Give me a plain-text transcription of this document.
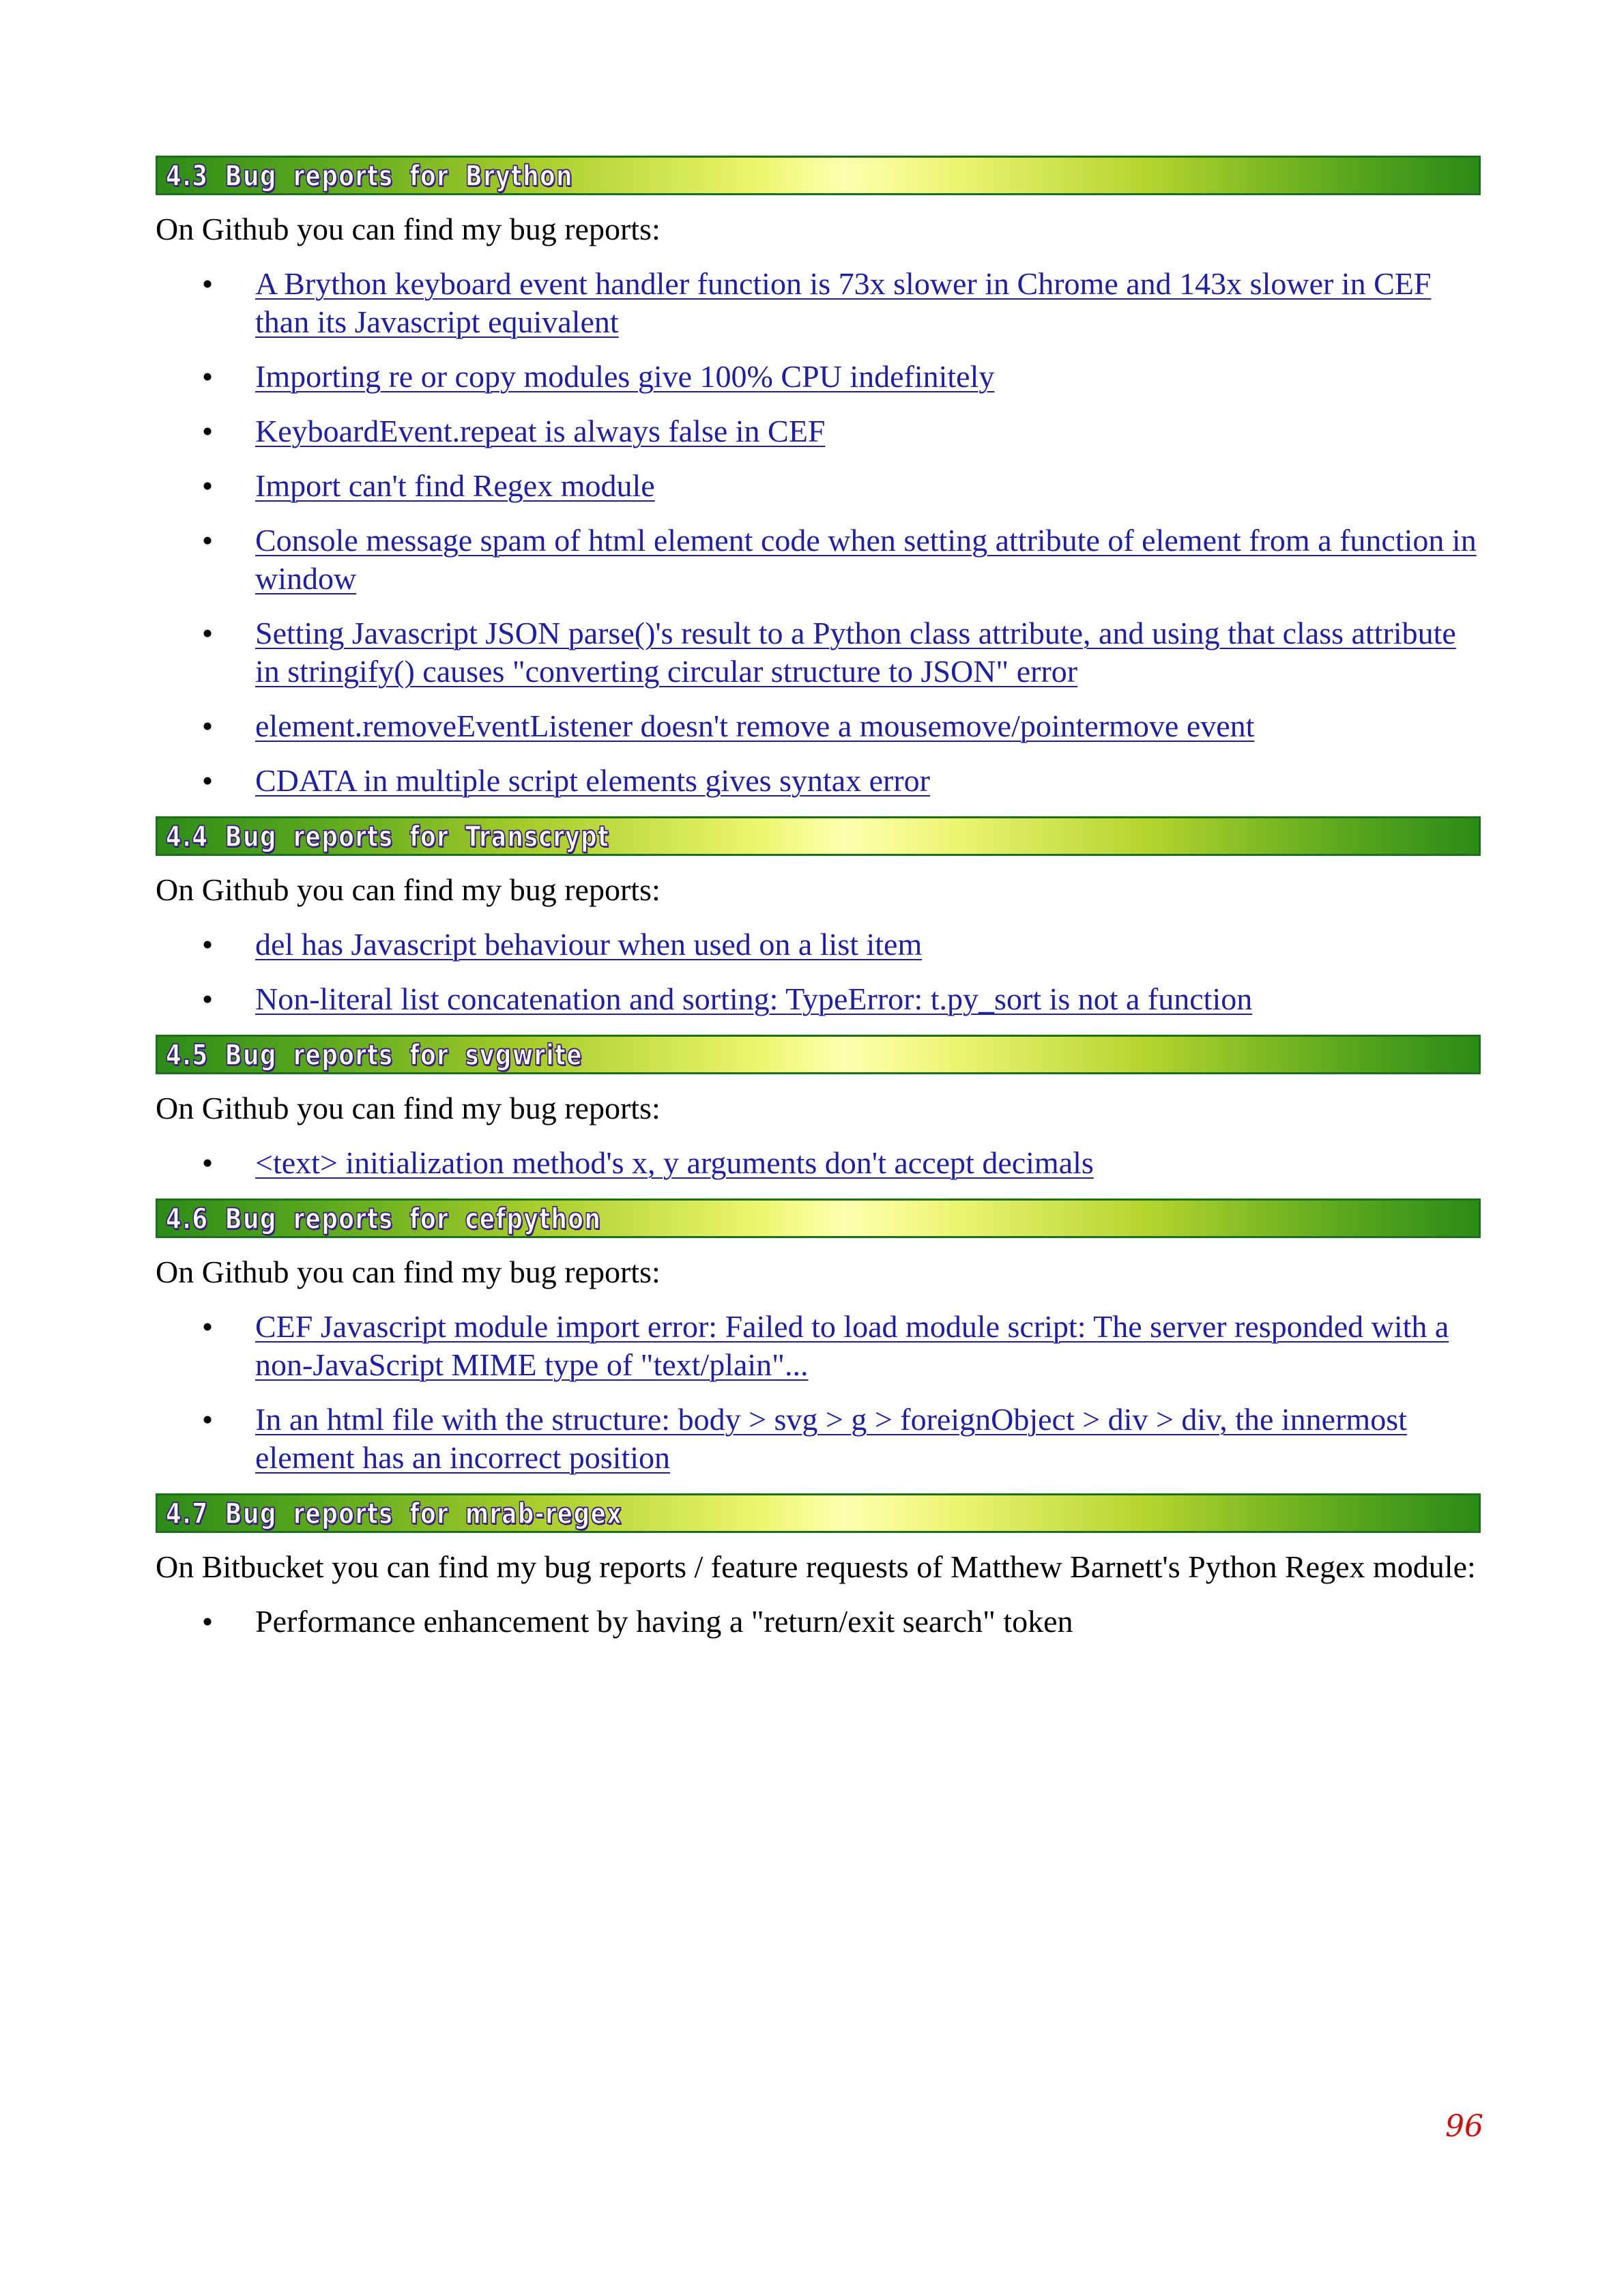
4.3 Bug reports for Brython

On Github you can find my bug reports:

• A Brython keyboard event handler function is 73x slower in Chrome and 143x slower in CEF than its Javascript equivalent
• Importing re or copy modules give 100% CPU indefinitely
• KeyboardEvent.repeat is always false in CEF
• Import can't find Regex module
• Console message spam of html element code when setting attribute of element from a function in window
• Setting Javascript JSON parse()'s result to a Python class attribute, and using that class attribute in stringify() causes "converting circular structure to JSON" error
• element.removeEventListener doesn't remove a mousemove/pointermove event
• CDATA in multiple script elements gives syntax error
4.4 Bug reports for Transcrypt

On Github you can find my bug reports:

• del has Javascript behaviour when used on a list item
• Non-literal list concatenation and sorting: TypeError: t.py_sort is not a function
4.5 Bug reports for svgwrite

On Github you can find my bug reports:

• <text> initialization method's x, y arguments don't accept decimals
4.6 Bug reports for cefpython

On Github you can find my bug reports:

• CEF Javascript module import error: Failed to load module script: The server responded with a non-JavaScript MIME type of "text/plain"...
• In an html file with the structure: body > svg > g > foreignObject > div > div, the innermost element has an incorrect position
4.7 Bug reports for mrab-regex

On Bitbucket you can find my bug reports / feature requests of Matthew Barnett's Python Regex module:

• Performance enhancement by having a "return/exit search" token
96
